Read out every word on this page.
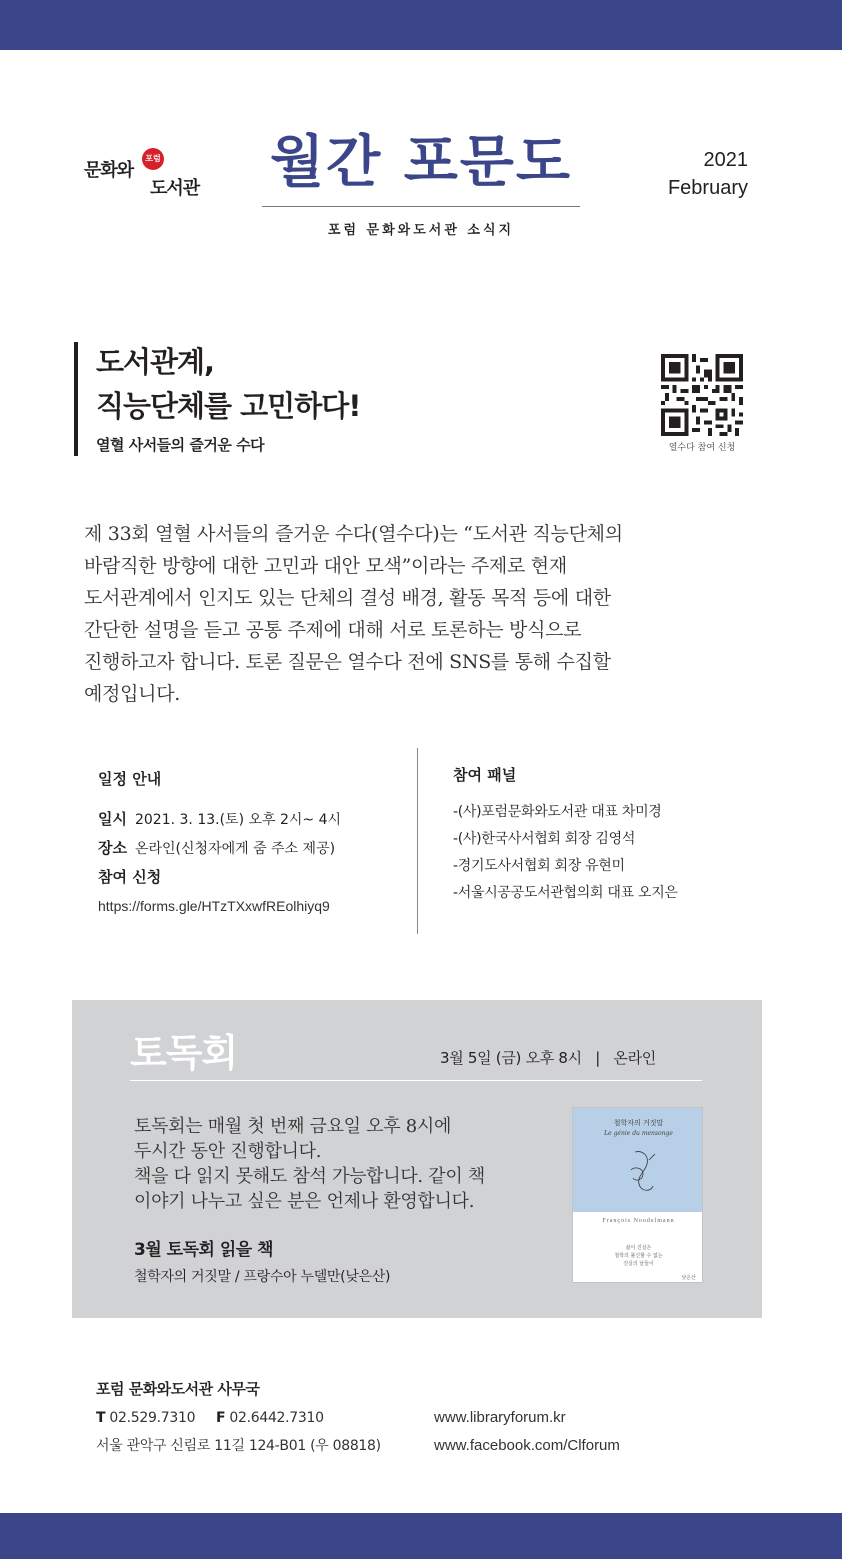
문화와
포럼
도서관 월간 포문도
포럼 문화와도서관 소식지
2021
February
도서관계,
직능단체를 고민하다!
열혈 사서들의 즐거운 수다	열수다 참여 신청
제 33회 열혈 사서들의 즐거운 수다(열수다)는 “도서관 직능단체의
바람직한 방향에 대한 고민과 대안 모색”이라는 주제로 현재
도서관계에서 인지도 있는 단체의 결성 배경, 활동 목적 등에 대한
간단한 설명을 듣고 공통 주제에 대해 서로 토론하는 방식으로
진행하고자 합니다. 토론 질문은 열수다 전에 SNS를 통해 수집할
예정입니다.
일정 안내
일시 2021. 3. 13.(토) 오후 2시~ 4시
장소 온라인(신청자에게 줌 주소 제공)
참여 신청
https://forms.gle/HTzTXxwfREolhiyq9
참여 패널
-(사)포럼문화와도서관 대표 차미경
-(사)한국사서협회 회장 김영석
-경기도사서협회 회장 유현미
-서울시공공도서관협의회 대표 오지은
토독회	3월 5일 (금) 오후 8시   |   온라인
토독회는 매월 첫 번째 금요일 오후 8시에
두시간 동안 진행합니다.
책을 다 읽지 못해도 참석 가능합니다. 같이 책
이야기 나누고 싶은 분은 언제나 환영합니다.
3월 토독회 읽을 책
철학자의 거짓말 / 프랑수아 누델만(낮은산)
철학자의 거짓말
Le génie du mensonge
François Noudelmann
삶이 진실은
철학의 불신할 수 없는
진실의 날들이
낮은산
포럼 문화와도서관 사무국
T 02.529.7310 F 02.6442.7310
서울 관악구 신림로 11길 124-B01 (우 08818)
www.libraryforum.kr
www.facebook.com/Clforum
